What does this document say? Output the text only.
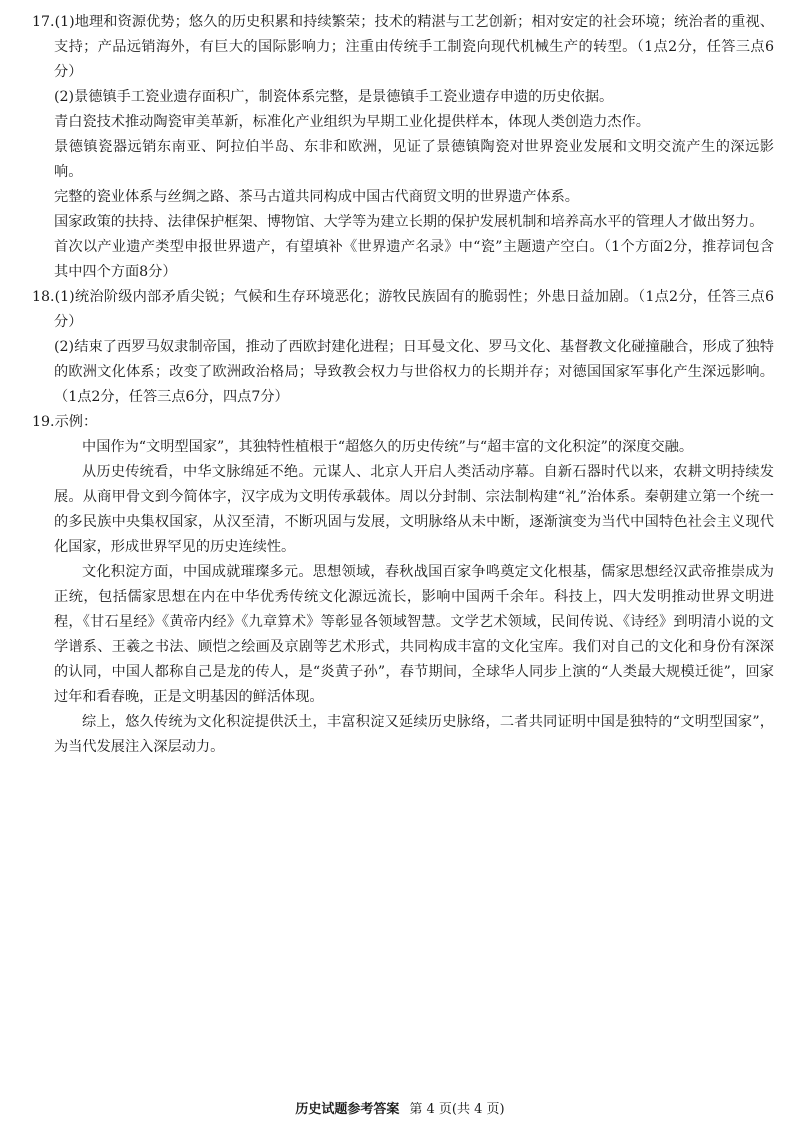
17.(1)地理和资源优势；悠久的历史积累和持续繁荣；技术的精湛与工艺创新；相对安定的社会环境；统治者的重视、支持；产品远销海外，有巨大的国际影响力；注重由传统手工制瓷向现代机械生产的转型。（1点2分，任答三点6分）

(2)景德镇手工瓷业遗存面积广，制瓷体系完整，是景德镇手工瓷业遗存申遗的历史依据。

青白瓷技术推动陶瓷审美革新，标准化产业组织为早期工业化提供样本，体现人类创造力杰作。

景德镇瓷器远销东南亚、阿拉伯半岛、东非和欧洲，见证了景德镇陶瓷对世界瓷业发展和文明交流产生的深远影响。

完整的瓷业体系与丝绸之路、茶马古道共同构成中国古代商贸文明的世界遗产体系。

国家政策的扶持、法律保护框架、博物馆、大学等为建立长期的保护发展机制和培养高水平的管理人才做出努力。

首次以产业遗产类型申报世界遗产，有望填补《世界遗产名录》中“瓷”主题遗产空白。（1个方面2分，推荐词包含其中四个方面8分）

18.(1)统治阶级内部矛盾尖锐；气候和生存环境恶化；游牧民族固有的脆弱性；外患日益加剧。（1点2分，任答三点6分）

(2)结束了西罗马奴隶制帝国，推动了西欧封建化进程；日耳曼文化、罗马文化、基督教文化碰撞融合，形成了独特的欧洲文化体系；改变了欧洲政治格局；导致教会权力与世俗权力的长期并存；对德国国家军事化产生深远影响。（1点2分，任答三点6分，四点7分）

19.示例：

中国作为“文明型国家”，其独特性植根于“超悠久的历史传统”与“超丰富的文化积淀”的深度交融。

从历史传统看，中华文脉绵延不绝。元谋人、北京人开启人类活动序幕。自新石器时代以来，农耕文明持续发展。从商甲骨文到今简体字，汉字成为文明传承载体。周以分封制、宗法制构建“礼”治体系。秦朝建立第一个统一的多民族中央集权国家，从汉至清，不断巩固与发展，文明脉络从未中断，逐渐演变为当代中国特色社会主义现代化国家，形成世界罕见的历史连续性。

文化积淀方面，中国成就璀璨多元。思想领域，春秋战国百家争鸣奠定文化根基，儒家思想经汉武帝推崇成为正统，包括儒家思想在内在中华优秀传统文化源远流长，影响中国两千余年。科技上，四大发明推动世界文明进程，《甘石星经》《黄帝内经》《九章算术》等彰显各领域智慧。文学艺术领域，民间传说、《诗经》到明清小说的文学谱系、王羲之书法、顾恺之绘画及京剧等艺术形式，共同构成丰富的文化宝库。我们对自己的文化和身份有深深的认同，中国人都称自己是龙的传人，是“炎黄子孙”，春节期间，全球华人同步上演的“人类最大规模迁徙”，回家过年和看春晚，正是文明基因的鲜活体现。

综上，悠久传统为文化积淀提供沃土，丰富积淀又延续历史脉络，二者共同证明中国是独特的“文明型国家”，为当代发展注入深层动力。

历史试题参考答案 第 4 页(共 4 页)
